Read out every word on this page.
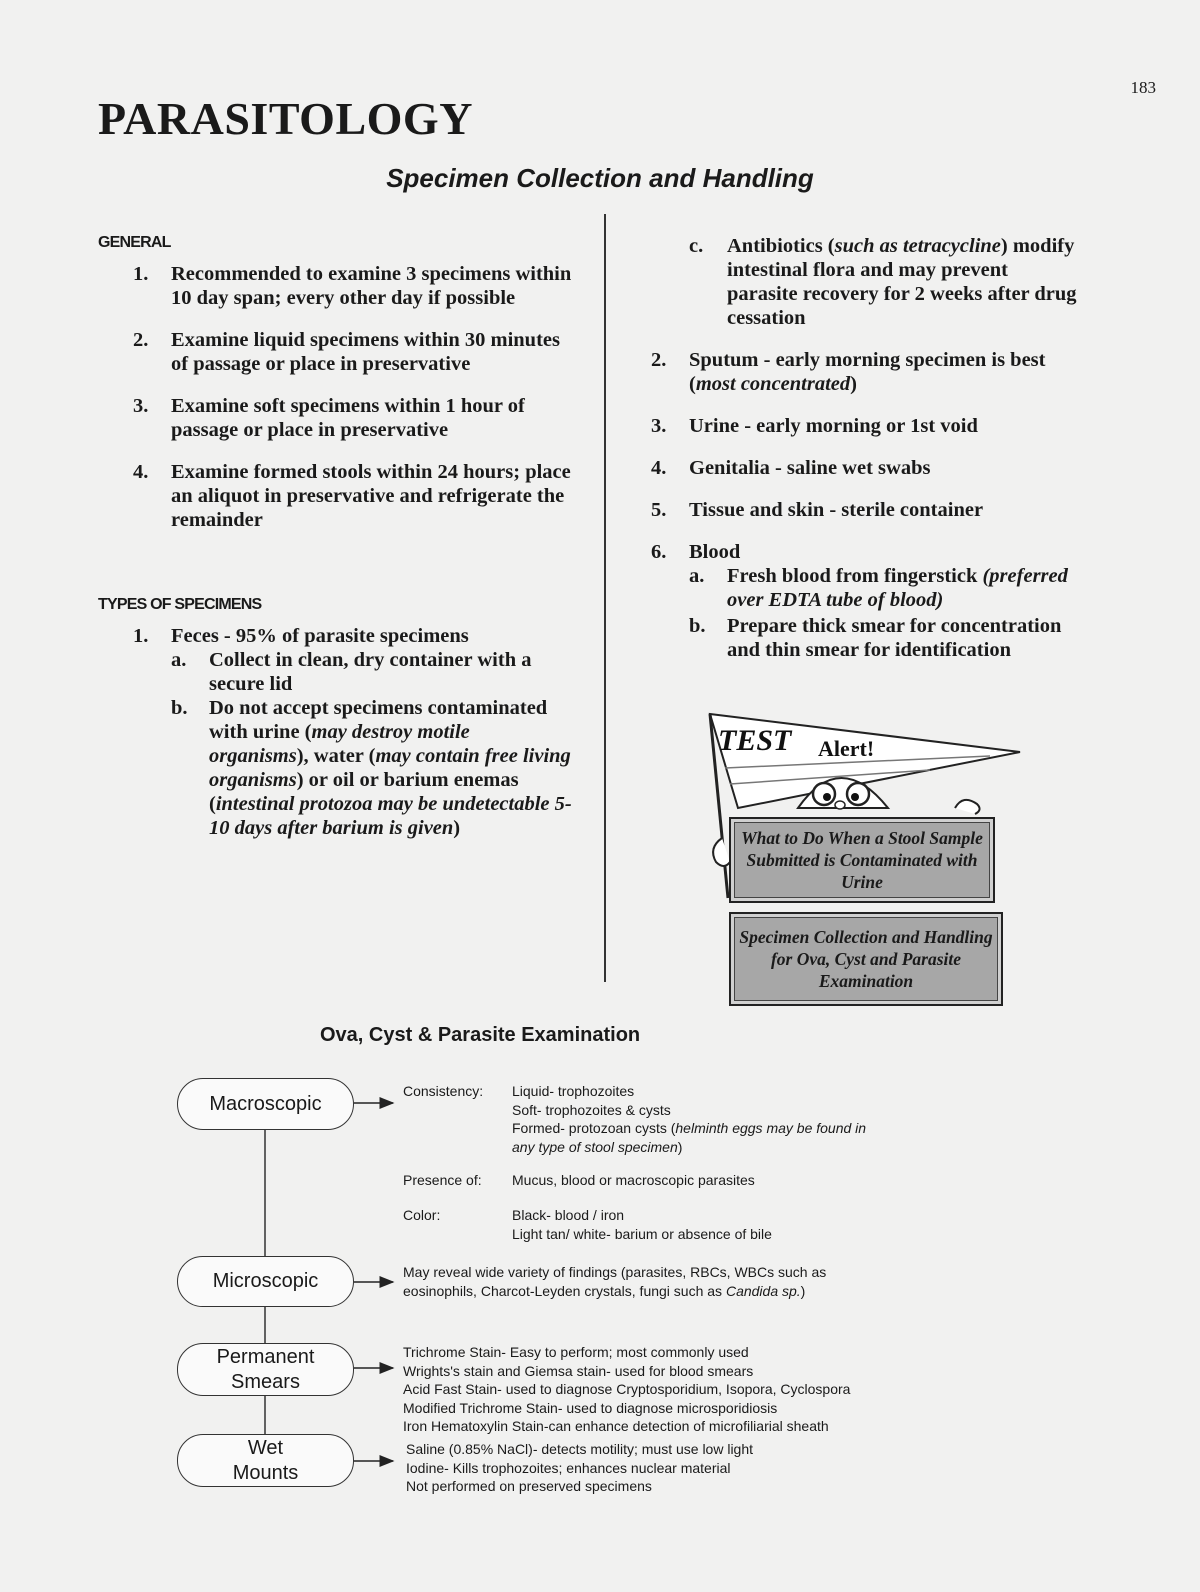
183
PARASITOLOGY
Specimen Collection and Handling
GENERAL
1. Recommended to examine 3 specimens within 10 day span; every other day if possible
2. Examine liquid specimens within 30 minutes of passage or place in preservative
3. Examine soft specimens within 1 hour of passage or place in preservative
4. Examine formed stools within 24 hours; place an aliquot in preservative and refrigerate the remainder
TYPES OF SPECIMENS
1. Feces - 95% of parasite specimens
a. Collect in clean, dry container with a secure lid
b. Do not accept specimens contaminated with urine (may destroy motile organisms), water (may contain free living organisms) or oil or barium enemas (intestinal protozoa may be undetectable 5-10 days after barium is given)
c. Antibiotics (such as tetracycline) modify intestinal flora and may prevent parasite recovery for 2 weeks after drug cessation
2. Sputum - early morning specimen is best (most concentrated)
3. Urine - early morning or 1st void
4. Genitalia - saline wet swabs
5. Tissue and skin - sterile container
6. Blood
a. Fresh blood from fingerstick (preferred over EDTA tube of blood)
b. Prepare thick smear for concentration and thin smear for identification
TEST Alert!
What to Do When a Stool Sample Submitted is Contaminated with Urine
Specimen Collection and Handling for Ova, Cyst and Parasite Examination
Ova, Cyst & Parasite Examination
Macroscopic
Microscopic
Permanent
Smears
Wet
Mounts
Consistency: Liquid- trophozoites
Soft- trophozoites & cysts
Formed- protozoan cysts (helminth eggs may be found in any type of stool specimen)
Presence of: Mucus, blood or macroscopic parasites
Color:	Black- blood / iron
Light tan/ white- barium or absence of bile
May reveal wide variety of findings (parasites, RBCs, WBCs such as eosinophils, Charcot-Leyden crystals, fungi such as Candida sp.)
Trichrome Stain- Easy to perform; most commonly used
Wrights's stain and Giemsa stain- used for blood smears
Acid Fast Stain- used to diagnose Cryptosporidium, Isopora, Cyclospora
Modified Trichrome Stain- used to diagnose microsporidiosis
Iron Hematoxylin Stain-can enhance detection of microfiliarial sheath
Saline (0.85% NaCl)- detects motility; must use low light
Iodine- Kills trophozoites; enhances nuclear material
Not performed on preserved specimens
